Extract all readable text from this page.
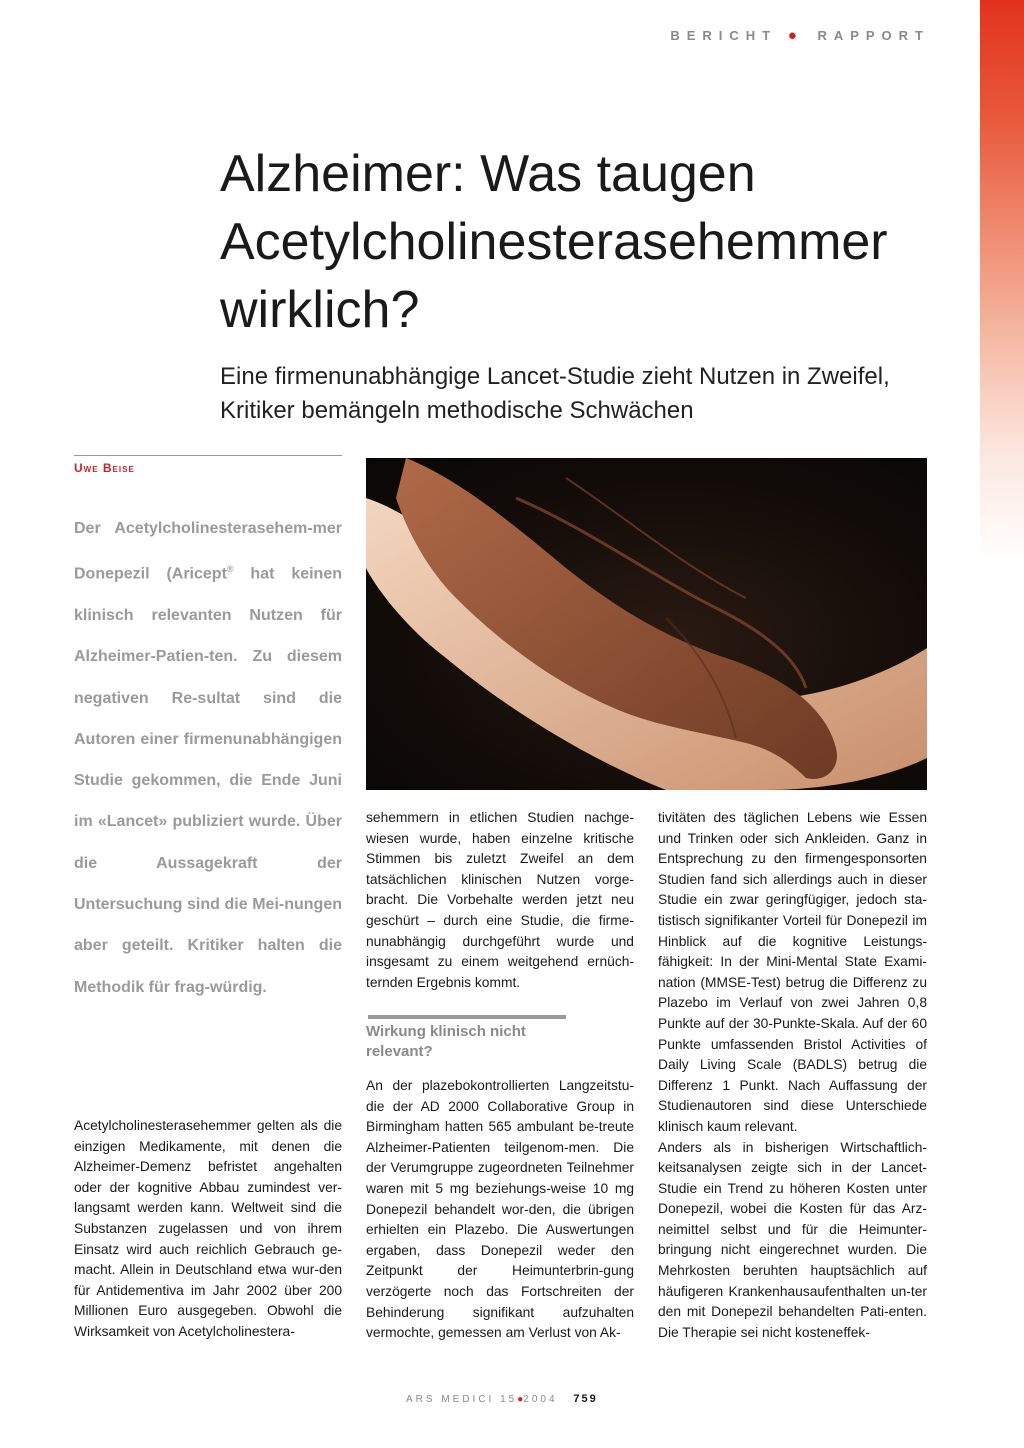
BERICHT ● RAPPORT
Alzheimer: Was taugen Acetylcholinesterasehemmer wirklich?

Eine firmenunabhängige Lancet-Studie zieht Nutzen in Zweifel, Kritiker bemängeln methodische Schwächen

Uwe Beise

Der Acetylcholinesterasehem-mer Donepezil (Aricept® hat keinen klinisch relevanten Nutzen für Alzheimer-Patien-ten. Zu diesem negativen Re-sultat sind die Autoren einer firmenunabhängigen Studie gekommen, die Ende Juni im «Lancet» publiziert wurde. Über die Aussagekraft der Untersuchung sind die Mei-nungen aber geteilt. Kritiker halten die Methodik für frag-würdig.

Acetylcholinesterasehemmer gelten als die einzigen Medikamente, mit denen die Alzheimer-Demenz befristet angehalten oder der kognitive Abbau zumindest ver-langsamt werden kann. Weltweit sind die Substanzen zugelassen und von ihrem Einsatz wird auch reichlich Gebrauch ge-macht. Allein in Deutschland etwa wur-den für Antidementiva im Jahr 2002 über 200 Millionen Euro ausgegeben. Obwohl die Wirksamkeit von Acetylcholinestera-

sehemmern in etlichen Studien nachge-wiesen wurde, haben einzelne kritische Stimmen bis zuletzt Zweifel an dem tatsächlichen klinischen Nutzen vorge-bracht. Die Vorbehalte werden jetzt neu geschürt – durch eine Studie, die firme-nunabhängig durchgeführt wurde und insgesamt zu einem weitgehend ernüch-ternden Ergebnis kommt.

Wirkung klinisch nicht relevant?

An der plazebokontrollierten Langzeitstu-die der AD 2000 Collaborative Group in Birmingham hatten 565 ambulant be-treute Alzheimer-Patienten teilgenom-men. Die der Verumgruppe zugeordneten Teilnehmer waren mit 5 mg beziehungs-weise 10 mg Donepezil behandelt wor-den, die übrigen erhielten ein Plazebo. Die Auswertungen ergaben, dass Donepezil weder den Zeitpunkt der Heimunterbrin-gung verzögerte noch das Fortschreiten der Behinderung signifikant aufzuhalten vermochte, gemessen am Verlust von Ak-

tivitäten des täglichen Lebens wie Essen und Trinken oder sich Ankleiden. Ganz in Entsprechung zu den firmengesponsorten Studien fand sich allerdings auch in dieser Studie ein zwar geringfügiger, jedoch sta-tistisch signifikanter Vorteil für Donepezil im Hinblick auf die kognitive Leistungs-fähigkeit: In der Mini-Mental State Exami-nation (MMSE-Test) betrug die Differenz zu Plazebo im Verlauf von zwei Jahren 0,8 Punkte auf der 30-Punkte-Skala. Auf der 60 Punkte umfassenden Bristol Activities of Daily Living Scale (BADLS) betrug die Differenz 1 Punkt. Nach Auffassung der Studienautoren sind diese Unterschiede klinisch kaum relevant.

Anders als in bisherigen Wirtschaftlich-keitsanalysen zeigte sich in der Lancet-Studie ein Trend zu höheren Kosten unter Donepezil, wobei die Kosten für das Arz-neimittel selbst und für die Heimunter-bringung nicht eingerechnet wurden. Die Mehrkosten beruhten hauptsächlich auf häufigeren Krankenhausaufenthalten un-ter den mit Donepezil behandelten Pati-enten. Die Therapie sei nicht kosteneffek-

ARS MEDICI 15●2004 759
